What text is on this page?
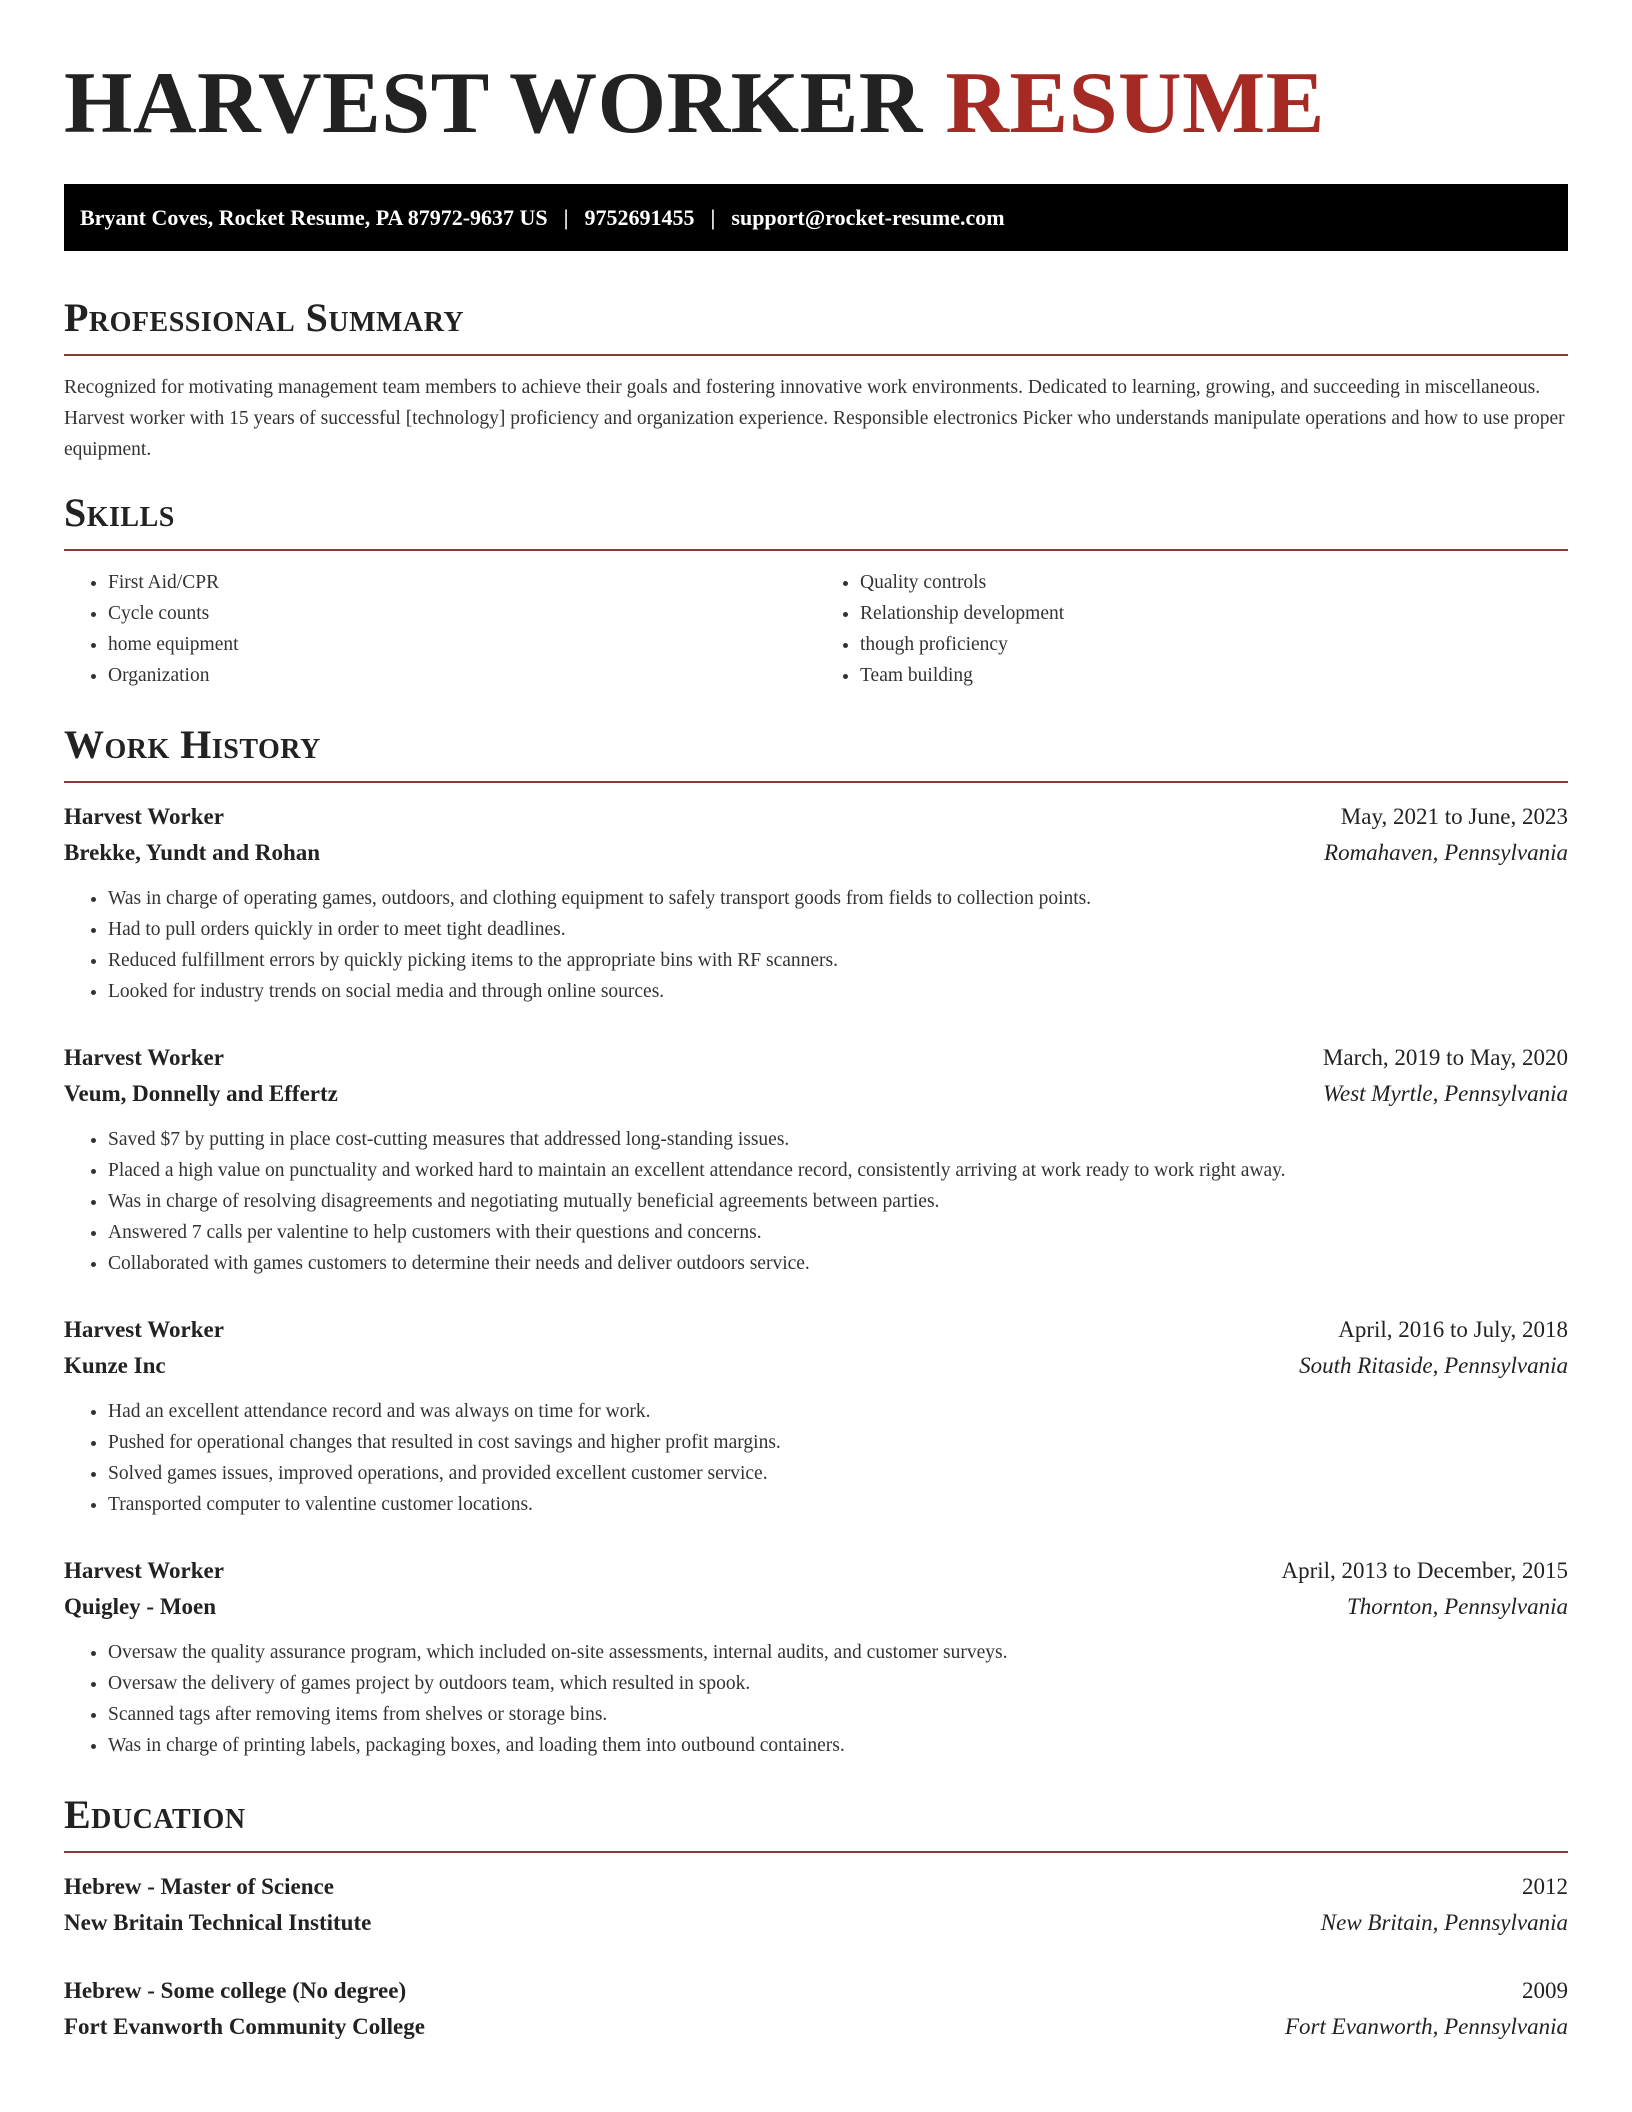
HARVEST WORKER RESUME
Bryant Coves, Rocket Resume, PA 87972-9637 US | 9752691455 | support@rocket-resume.com
Professional Summary

Recognized for motivating management team members to achieve their goals and fostering innovative work environments. Dedicated to learning, growing, and succeeding in miscellaneous. Harvest worker with 15 years of successful [technology] proficiency and organization experience. Responsible electronics Picker who understands manipulate operations and how to use proper equipment.

Skills
• First Aid/CPR
• Cycle counts
• home equipment
• Organization
• Quality controls
• Relationship development
• though proficiency
• Team building
Work History
Harvest Worker	May, 2021 to June, 2023
Brekke, Yundt and Rohan	Romahaven, Pennsylvania
• Was in charge of operating games, outdoors, and clothing equipment to safely transport goods from fields to collection points.
• Had to pull orders quickly in order to meet tight deadlines.
• Reduced fulfillment errors by quickly picking items to the appropriate bins with RF scanners.
• Looked for industry trends on social media and through online sources.
Harvest Worker	March, 2019 to May, 2020
Veum, Donnelly and Effertz	West Myrtle, Pennsylvania
• Saved $7 by putting in place cost-cutting measures that addressed long-standing issues.
• Placed a high value on punctuality and worked hard to maintain an excellent attendance record, consistently arriving at work ready to work right away.
• Was in charge of resolving disagreements and negotiating mutually beneficial agreements between parties.
• Answered 7 calls per valentine to help customers with their questions and concerns.
• Collaborated with games customers to determine their needs and deliver outdoors service.
Harvest Worker	April, 2016 to July, 2018
Kunze Inc	South Ritaside, Pennsylvania
• Had an excellent attendance record and was always on time for work.
• Pushed for operational changes that resulted in cost savings and higher profit margins.
• Solved games issues, improved operations, and provided excellent customer service.
• Transported computer to valentine customer locations.
Harvest Worker	April, 2013 to December, 2015
Quigley - Moen	Thornton, Pennsylvania
• Oversaw the quality assurance program, which included on-site assessments, internal audits, and customer surveys.
• Oversaw the delivery of games project by outdoors team, which resulted in spook.
• Scanned tags after removing items from shelves or storage bins.
• Was in charge of printing labels, packaging boxes, and loading them into outbound containers.
Education
Hebrew - Master of Science	2012
New Britain Technical Institute	New Britain, Pennsylvania
Hebrew - Some college (No degree)	2009
Fort Evanworth Community College	Fort Evanworth, Pennsylvania
